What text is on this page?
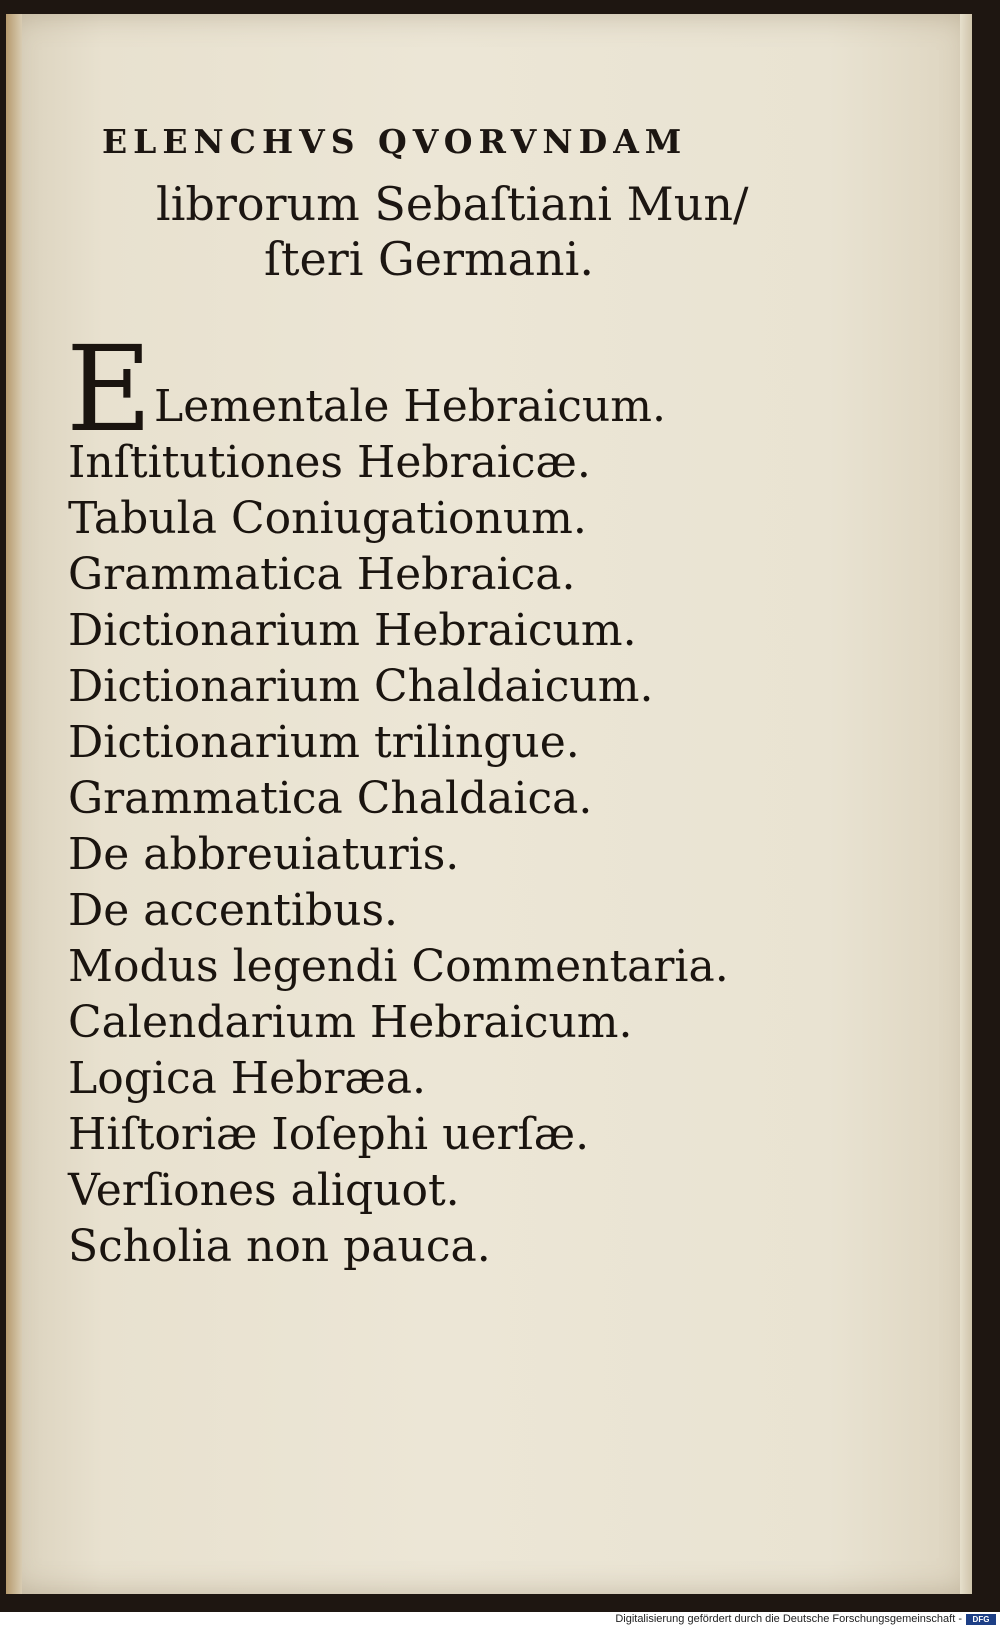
ELENCHVS QVORVNDAM
librorum Sebaſtiani Mun/
ſteri Germani.
E Lementale Hebraicum.
Inſtitutiones Hebraicæ.
Tabula Coniugationum.
Grammatica Hebraica.
Dictionarium Hebraicum.
Dictionarium Chaldaicum.
Dictionarium trilingue.
Grammatica Chaldaica.
De abbreuiaturis.
De accentibus.
Modus legendi Commentaria.
Calendarium Hebraicum.
Logica Hebræa.
Hiſtoriæ Ioſephi uerſæ.
Verſiones aliquot.
Scholia non pauca.
Digitalisierung gefördert durch die Deutsche Forschungsgemeinschaft -	DFG
